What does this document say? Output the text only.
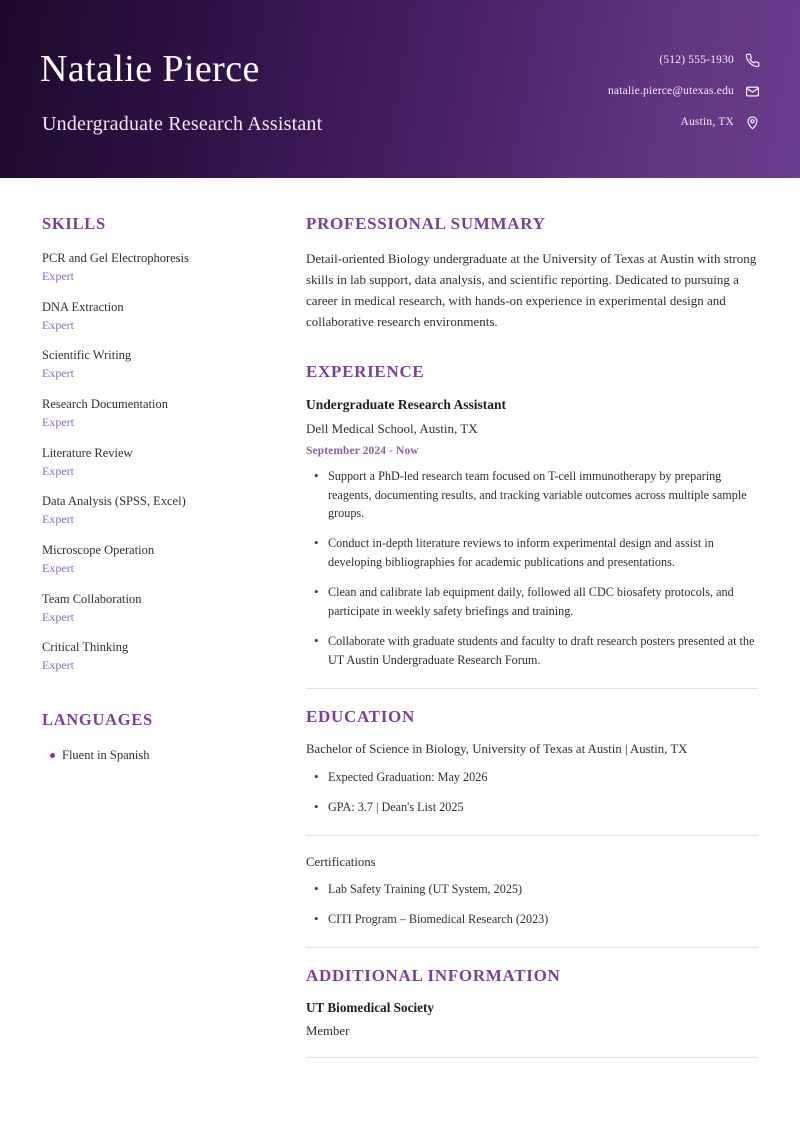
Natalie Pierce
Undergraduate Research Assistant
(512) 555-1930
natalie.pierce@utexas.edu
Austin, TX
SKILLS
PCR and Gel Electrophoresis
Expert
DNA Extraction
Expert
Scientific Writing
Expert
Research Documentation
Expert
Literature Review
Expert
Data Analysis (SPSS, Excel)
Expert
Microscope Operation
Expert
Team Collaboration
Expert
Critical Thinking
Expert
LANGUAGES
Fluent in Spanish
PROFESSIONAL SUMMARY

Detail-oriented Biology undergraduate at the University of Texas at Austin with strong skills in lab support, data analysis, and scientific reporting. Dedicated to pursuing a career in medical research, with hands-on experience in experimental design and collaborative research environments.

EXPERIENCE
Undergraduate Research Assistant
Dell Medical School, Austin, TX
September 2024 - Now
• Support a PhD-led research team focused on T-cell immunotherapy by preparing reagents, documenting results, and tracking variable outcomes across multiple sample groups.
• Conduct in-depth literature reviews to inform experimental design and assist in developing bibliographies for academic publications and presentations.
• Clean and calibrate lab equipment daily, followed all CDC biosafety protocols, and participate in weekly safety briefings and training.
• Collaborate with graduate students and faculty to draft research posters presented at the UT Austin Undergraduate Research Forum.
EDUCATION
Bachelor of Science in Biology, University of Texas at Austin | Austin, TX
• Expected Graduation: May 2026
• GPA: 3.7 | Dean's List 2025
Certifications
• Lab Safety Training (UT System, 2025)
• CITI Program – Biomedical Research (2023)
ADDITIONAL INFORMATION
UT Biomedical Society
Member
